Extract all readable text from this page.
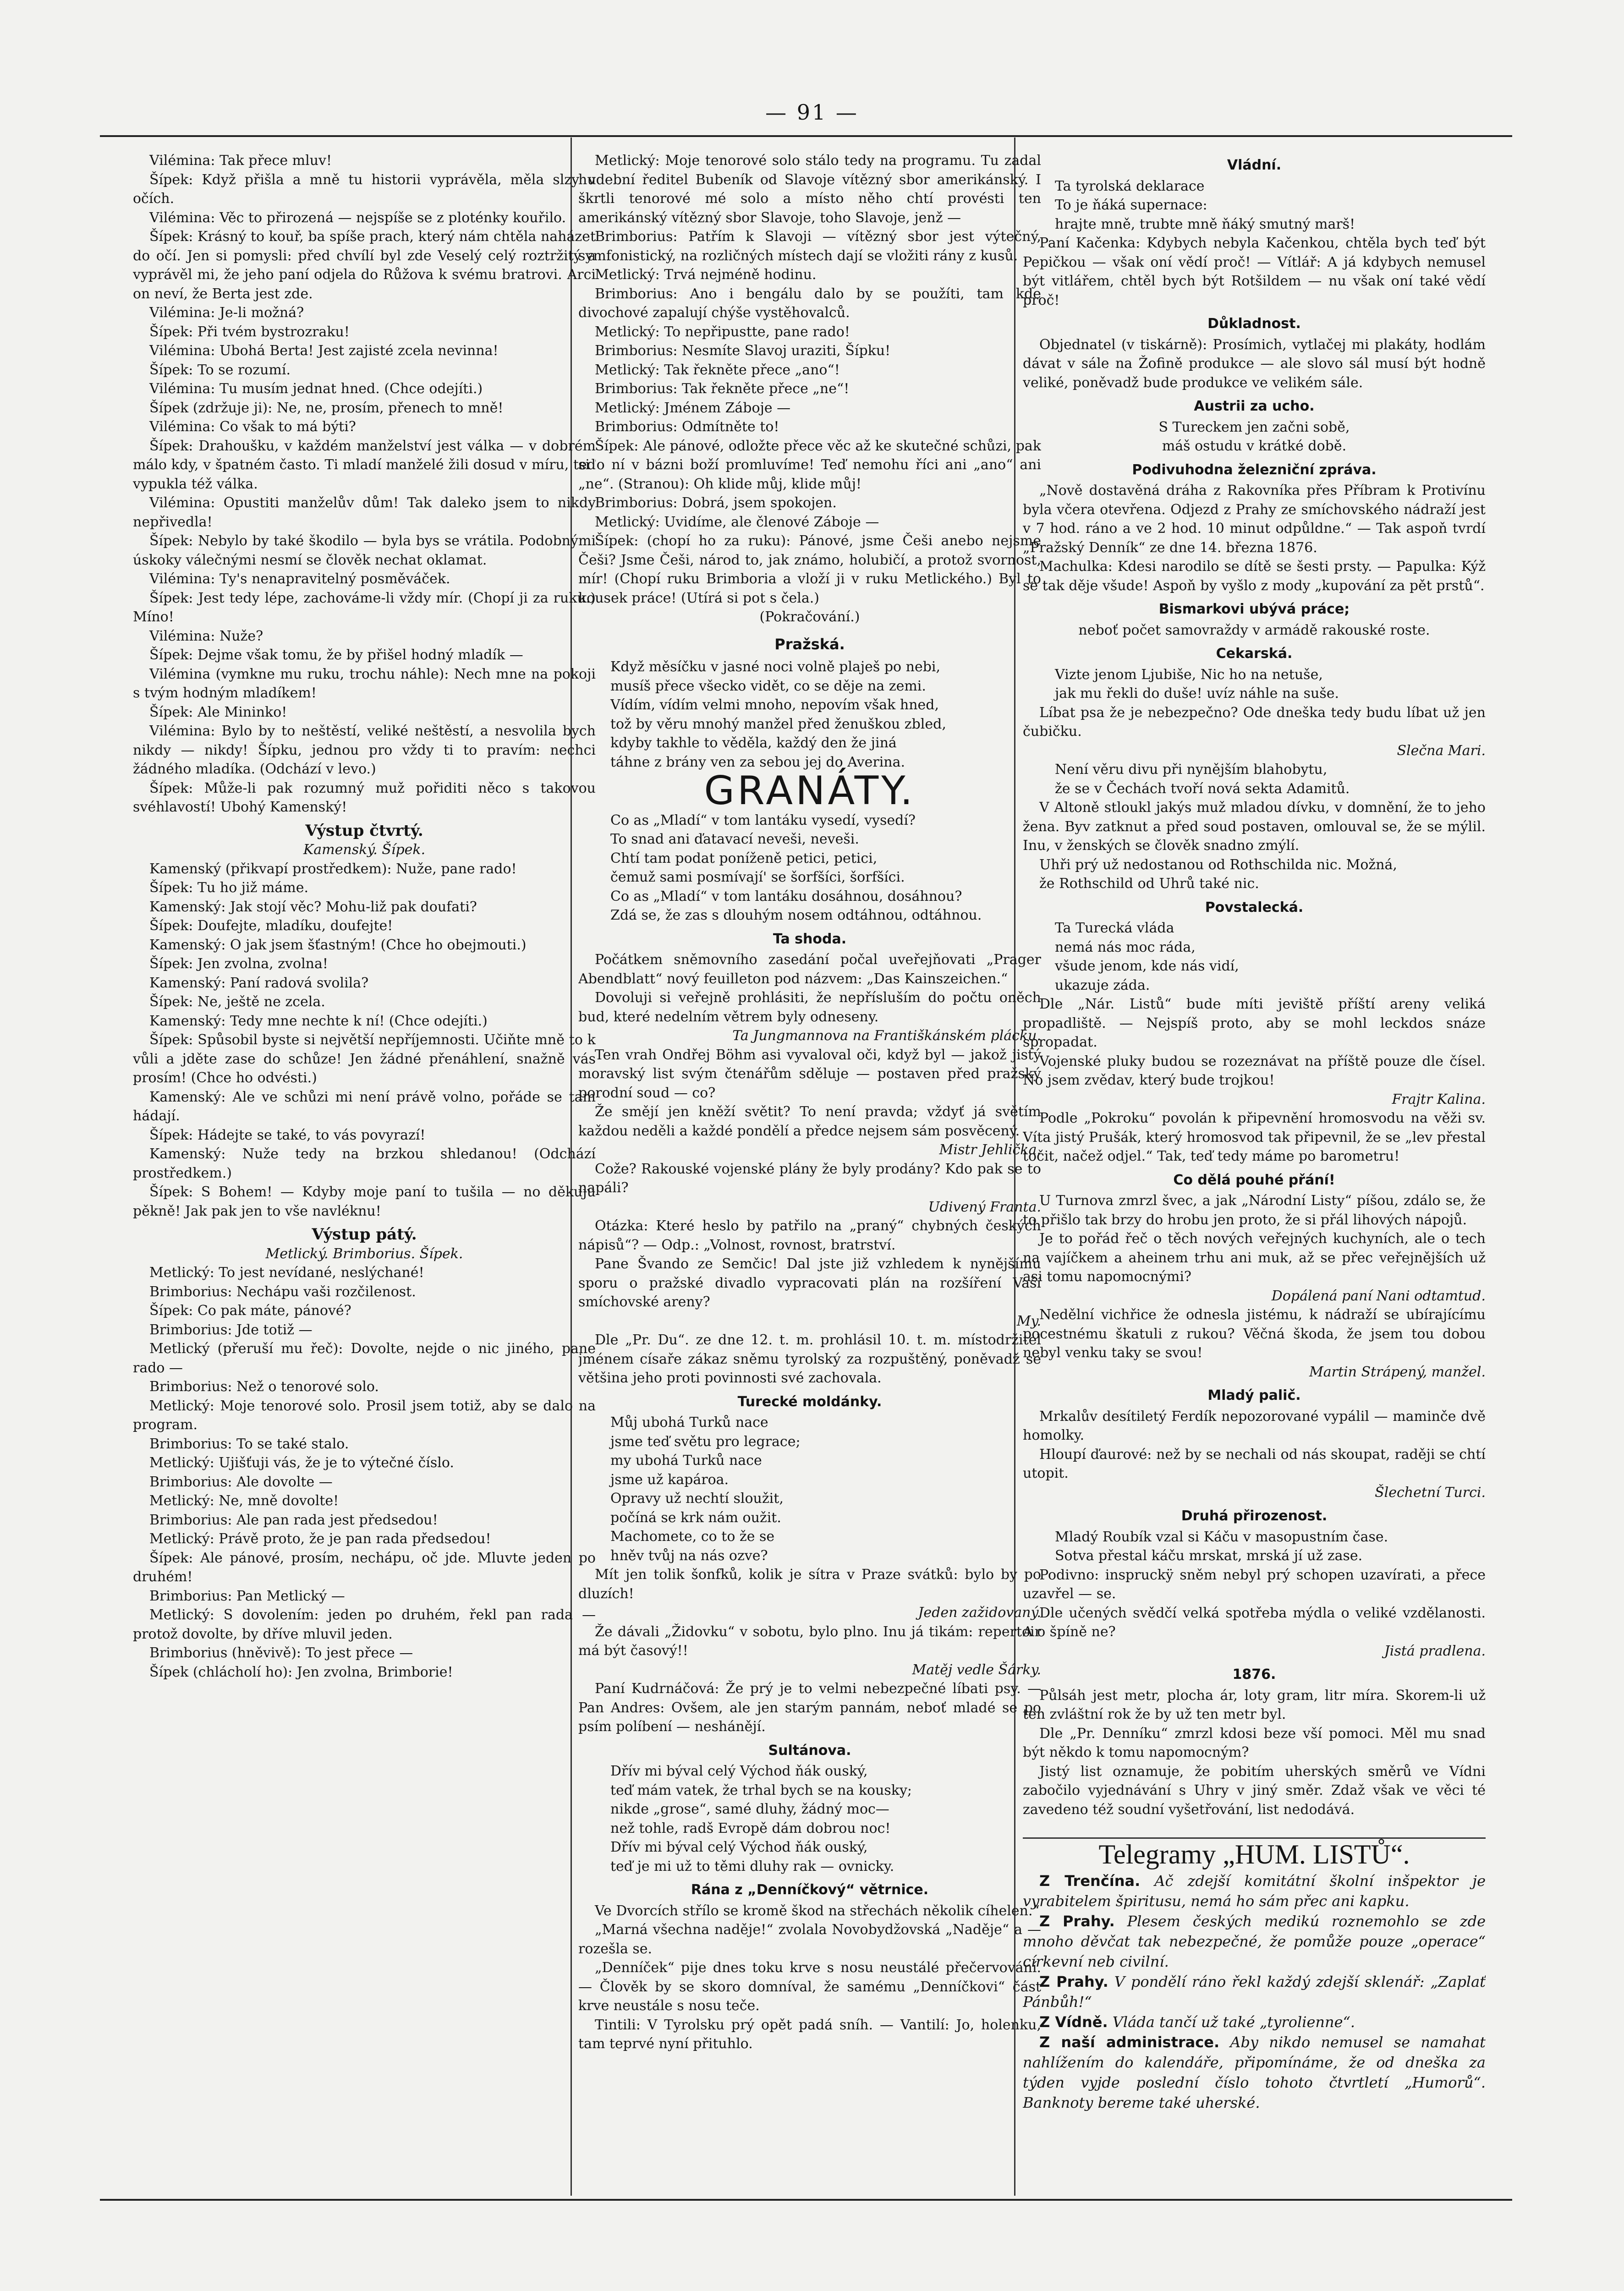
— 91 —

Vilémina: Tak přece mluv!

Šípek: Když přišla a mně tu historii vyprávěla, měla slzy v očích.

Vilémina: Věc to přirozená — nejspíše se z ploténky kouřilo.

Šípek: Krásný to kouř, ba spíše prach, který nám chtěla naházet do očí. Jen si pomysli: před chvílí byl zde Veselý celý roztržitý a vyprávěl mi, že jeho paní odjela do Růžova k svému bratrovi. Arci on neví, že Berta jest zde.

Vilémina: Je-li možná?

Šípek: Při tvém bystrozraku!

Vilémina: Ubohá Berta! Jest zajisté zcela nevinna!

Šípek: To se rozumí.

Vilémina: Tu musím jednat hned. (Chce odejíti.)

Šípek (zdržuje ji): Ne, ne, prosím, přenech to mně!

Vilémina: Co však to má býti?

Šípek: Drahoušku, v každém manželství jest válka — v dobrém málo kdy, v špatném často. Ti mladí manželé žili dosud v míru, teď vypukla též válka.

Vilémina: Opustiti manželův dům! Tak daleko jsem to nikdy nepřivedla!

Šípek: Nebylo by také škodilo — byla bys se vrátila. Podobnými úskoky válečnými nesmí se člověk nechat oklamat.

Vilémina: Ty's nenapravitelný posměváček.

Šípek: Jest tedy lépe, zachováme-li vždy mír. (Chopí ji za ruku.) Míno!

Vilémina: Nuže?

Šípek: Dejme však tomu, že by přišel hodný mladík —

Vilémina (vymkne mu ruku, trochu náhle): Nech mne na pokoji s tvým hodným mladíkem!

Šípek: Ale Mininko!

Vilémina: Bylo by to neštěstí, veliké neštěstí, a nesvolila bych nikdy — nikdy! Šípku, jednou pro vždy ti to pravím: nechci žádného mladíka. (Odchází v levo.)

Šípek: Může-li pak rozumný muž pořiditi něco s takovou svéhlavostí! Ubohý Kamenský!

Výstup čtvrtý.

Kamenský. Šípek.

Kamenský (přikvapí prostředkem): Nuže, pane rado!

Šípek: Tu ho již máme.

Kamenský: Jak stojí věc? Mohu-liž pak doufati?

Šípek: Doufejte, mladíku, doufejte!

Kamenský: O jak jsem šťastným! (Chce ho obejmouti.)

Šípek: Jen zvolna, zvolna!

Kamenský: Paní radová svolila?

Šípek: Ne, ještě ne zcela.

Kamenský: Tedy mne nechte k ní! (Chce odejíti.)

Šípek: Spůsobil byste si největší nepříjemnosti. Učiňte mně to k vůli a jděte zase do schůze! Jen žádné přenáhlení, snažně vás prosím! (Chce ho odvésti.)

Kamenský: Ale ve schůzi mi není právě volno, pořáde se tam hádají.

Šípek: Hádejte se také, to vás povyrazí!

Kamenský: Nuže tedy na brzkou shledanou! (Odchází prostředkem.)

Šípek: S Bohem! — Kdyby moje paní to tušila — no děkuju pěkně! Jak pak jen to vše navléknu!

Výstup pátý.

Metlický. Brimborius. Šípek.

Metlický: To jest nevídané, neslýchané!

Brimborius: Nechápu vaši rozčilenost.

Šípek: Co pak máte, pánové?

Brimborius: Jde totiž —

Metlický (přeruší mu řeč): Dovolte, nejde o nic jiného, pane rado —

Brimborius: Než o tenorové solo.

Metlický: Moje tenorové solo. Prosil jsem totiž, aby se dalo na program.

Brimborius: To se také stalo.

Metlický: Ujišťuji vás, že je to výtečné číslo.

Brimborius: Ale dovolte —

Metlický: Ne, mně dovolte!

Brimborius: Ale pan rada jest předsedou!

Metlický: Právě proto, že je pan rada předsedou!

Šípek: Ale pánové, prosím, nechápu, oč jde. Mluvte jeden po druhém!

Brimborius: Pan Metlický —

Metlický: S dovolením: jeden po druhém, řekl pan rada — protož dovolte, by dříve mluvil jeden.

Brimborius (hněvivě): To jest přece —

Šípek (chlácholí ho): Jen zvolna, Brimborie!

Metlický: Moje tenorové solo stálo tedy na programu. Tu zadal hudební ředitel Bubeník od Slavoje vítězný sbor amerikánský. I škrtli tenorové mé solo a místo něho chtí provésti ten amerikánský vítězný sbor Slavoje, toho Slavoje, jenž —

Brimborius: Patřím k Slavoji — vítězný sbor jest výtečný, symfonistický, na rozličných místech dají se vložiti rány z kusů.

Metlický: Trvá nejméně hodinu.

Brimborius: Ano i bengálu dalo by se použíti, tam kde divochové zapalují chýše vystěhovalců.

Metlický: To nepřipustte, pane rado!

Brimborius: Nesmíte Slavoj uraziti, Šípku!

Metlický: Tak řekněte přece „ano“!

Brimborius: Tak řekněte přece „ne“!

Metlický: Jménem Záboje —

Brimborius: Odmítněte to!

Šípek: Ale pánové, odložte přece věc až ke skutečné schůzi, pak si o ní v bázni boží promluvíme! Teď nemohu říci ani „ano“ ani „ne“. (Stranou): Oh klide můj, klide můj!

Brimborius: Dobrá, jsem spokojen.

Metlický: Uvidíme, ale členové Záboje —

Šípek: (chopí ho za ruku): Pánové, jsme Češi anebo nejsme Češi? Jsme Češi, národ to, jak známo, holubičí, a protož svornost, mír! (Chopí ruku Brimboria a vloží ji v ruku Metlického.) Byl to kousek práce! (Utírá si pot s čela.)

(Pokračování.)

Pražská.

Když měsíčku v jasné noci volně plaješ po nebi,

musíš přece všecko vidět, co se děje na zemi.

Vídím, vídím velmi mnoho, nepovím však hned,

tož by věru mnohý manžel před ženuškou zbled,

kdyby takhle to věděla, každý den že jiná

táhne z brány ven za sebou jej do Averina.

GRANÁTY.

Co as „Mladí“ v tom lantáku vysedí, vysedí?

To snad ani ďatavací neveši, neveši.

Chtí tam podat poníženě petici, petici,

čemuž sami posmívají' se šorfšíci, šorfšíci.

Co as „Mladí“ v tom lantáku dosáhnou, dosáhnou?

Zdá se, že zas s dlouhým nosem odtáhnou, odtáhnou.

Ta shoda.

Počátkem sněmovního zasedání počal uveřejňovati „Prager Abendblatt“ nový feuilleton pod názvem: „Das Kainszeichen.“

Dovoluji si veřejně prohlásiti, že nepřísluším do počtu oněch bud, které nedelním větrem byly odneseny.

Ta Jungmannova na Františkánském plácku.

Ten vrah Ondřej Böhm asi vyvaloval oči, když byl — jakož jistý moravský list svým čtenářům sděluje — postaven před pražský porodní soud — co?

Že smějí jen kněží světit? To není pravda; vždyť já světím každou neděli a každé pondělí a předce nejsem sám posvěcený.

Mistr Jehlička.

Cože? Rakouské vojenské plány že byly prodány? Kdo pak se to napáli?

Udivený Franta.

Otázka: Které heslo by patřilo na „praný“ chybných českých nápisů“? — Odp.: „Volnost, rovnost, bratrství.

Pane Švando ze Semčic! Dal jste již vzhledem k nynějšímu sporu o pražské divadlo vypracovati plán na rozšíření Vaší smíchovské areny?

My.

Dle „Pr. Du“. ze dne 12. t. m. prohlásil 10. t. m. místodržitel jménem císaře zákaz sněmu tyrolský za rozpuštěný, poněvadž se většina jeho proti povinnosti své zachovala.

Turecké moldánky.

Můj ubohá Turků nace

jsme teď světu pro legrace;

my ubohá Turků nace

jsme už kapároa.

Opravy už nechtí sloužit,

počíná se krk nám oužit.

Machomete, co to že se

hněv tvůj na nás ozve?

Mít jen tolik šonfků, kolik je sítra v Praze svátků: bylo by po dluzích!

Jeden zažidovaný.

Že dávali „Židovku“ v sobotu, bylo plno. Inu já tikám: repertoir má být časový!!

Matěj vedle Šárky.

Paní Kudrnáčová: Že prý je to velmi nebezpečné líbati psy. — Pan Andres: Ovšem, ale jen starým pannám, neboť mladé se po psím políbení — neshánějí.

Sultánova.

Dřív mi býval celý Východ ňák ouský,

teď mám vatek, že trhal bych se na kousky;

nikde „grose“, samé dluhy, žádný moc—

než tohle, radš Evropě dám dobrou noc!

Dřív mi býval celý Východ ňák ouský,

teď je mi už to těmi dluhy rak — ovnicky.

Rána z „Denníčkový“ větrnice.

Ve Dvorcích střílo se kromě škod na střechách několik cíhelen.“

„Marná všechna naděje!“ zvolala Novobydžovská „Naděje“ a — rozešla se.

„Denníček“ pije dnes toku krve s nosu neustálé přečervování. — Člověk by se skoro domníval, že samému „Denníčkovi“ část krve neustále s nosu teče.

Tintili: V Tyrolsku prý opět padá sníh. — Vantilí: Jo, holenku, tam teprvé nyní přituhlo.

Vládní.

Ta tyrolská deklarace

To je ňáká supernace:

hrajte mně, trubte mně ňáký smutný marš!

Paní Kačenka: Kdybych nebyla Kačenkou, chtěla bych teď být Pepičkou — však oní vědí proč! — Vítlář: A já kdybych nemusel být vitlářem, chtěl bych být Rotšildem — nu však oní také vědí proč!

Důkladnost.

Objednatel (v tiskárně): Prosímich, vytlačej mi plakáty, hodlám dávat v sále na Žofině produkce — ale slovo sál musí být hodně veliké, poněvadž bude produkce ve velikém sále.

Austrii za ucho.

S Tureckem jen začni sobě,

máš ostudu v krátké době.

Podivuhodna železniční zpráva.

„Nově dostavěná dráha z Rakovníka přes Příbram k Protivínu byla včera otevřena. Odjezd z Prahy ze smíchovského nádraží jest v 7 hod. ráno a ve 2 hod. 10 minut odpůldne.“ — Tak aspoň tvrdí „Pražský Denník“ ze dne 14. března 1876.

Machulka: Kdesi narodilo se dítě se šesti prsty. — Papulka: Kýž se tak děje všude! Aspoň by vyšlo z mody „kupování za pět prstů“.

Bismarkovi ubývá práce;

neboť počet samovraždy v armádě rakouské roste.

Cekarská.

Vizte jenom Ljubiše, Nic ho na netuše,

jak mu řekli do duše! uvíz náhle na suše.

Líbat psa že je nebezpečno? Ode dneška tedy budu líbat už jen čubičku.

Slečna Mari.

Není věru divu při nynějším blahobytu,

že se v Čechách tvoří nová sekta Adamitů.

V Altoně stloukl jakýs muž mladou dívku, v domnění, že to jeho žena. Byv zatknut a před soud postaven, omlouval se, že se mýlil. Inu, v ženských se člověk snadno zmýlí.

Uhři prý už nedostanou od Rothschilda nic. Možná,

že Rothschild od Uhrů také nic.

Povstalecká.

Ta Turecká vláda

nemá nás moc ráda,

všude jenom, kde nás vidí,

ukazuje záda.

Dle „Nár. Listů“ bude míti jeviště příští areny veliká propadliště. — Nejspíš proto, aby se mohl leckdos snáze spropadat.

Vojenské pluky budou se rozeznávat na příště pouze dle čísel. No jsem zvědav, který bude trojkou!

Frajtr Kalina.

Podle „Pokroku“ povolán k připevnění hromosvodu na věži sv. Víta jistý Prušák, který hromosvod tak připevnil, že se „lev přestal točit, načež odjel.“ Tak, teď tedy máme po barometru!

Co dělá pouhé přání!

U Turnova zmrzl švec, a jak „Národní Listy“ píšou, zdálo se, že to přišlo tak brzy do hrobu jen proto, že si přál lihových nápojů.

Je to pořád řeč o těch nových veřejných kuchyních, ale o tech na vajíčkem a aheinem trhu ani muk, až se přec veřejnějších už asi tomu napomocnými?

Dopálená paní Nani odtamtud.

Nedělní vichřice že odnesla jistému, k nádraží se ubírajícímu pocestnému škatuli z rukou? Věčná škoda, že jsem tou dobou nebyl venku taky se svou!

Martin Strápený, manžel.

Mladý palič.

Mrkalův desítiletý Ferdík nepozorované vypálil — maminče dvě homolky.

Hloupí ďaurové: než by se nechali od nás skoupat, raději se chtí utopit.

Šlechetní Turci.

Druhá přirozenost.

Mladý Roubík vzal si Káču v masopustním čase.

Sotva přestal káču mrskat, mrská jí už zase.

Podivno: inspruckÿ sněm nebyl prý schopen uzavírati, a přece uzavřel — se.

Dle učených svědčí velká spotřeba mýdla o veliké vzdělanosti. A o špíně ne?

Jistá pradlena.

1876.

Půlsáh jest metr, plocha ár, loty gram, litr míra. Skorem-li už ten zvláštní rok že by už ten metr byl.

Dle „Pr. Denníku“ zmrzl kdosi beze vší pomoci. Měl mu snad být někdo k tomu napomocným?

Jistý list oznamuje, že pobitím uherských směrů ve Vídni zabočilo vyjednávání s Uhry v jiný směr. Zdaž však ve věci té zavedeno též soudní vyšetřování, list nedodává.

Telegramy „HUM. LISTŮ“.

Z Trenčína. Ač zdejší komitátní školní inšpektor je vyrabitelem špiritusu, nemá ho sám přec ani kapku.

Z Prahy. Plesem českých medikú roznemohlo se zde mnoho děvčat tak nebezpečné, že pomůže pouze „operace“ církevní neb civilní.

Z Prahy. V pondělí ráno řekl každý zdejší sklenář: „Zaplať Pánbůh!“

Z Vídně. Vláda tančí už také „tyrolienne“.

Z naší administrace. Aby nikdo nemusel se namahat nahlížením do kalendáře, připomínáme, že od dneška za týden vyjde poslední číslo tohoto čtvrtletí „Humorů“. Banknoty bereme také uherské.
